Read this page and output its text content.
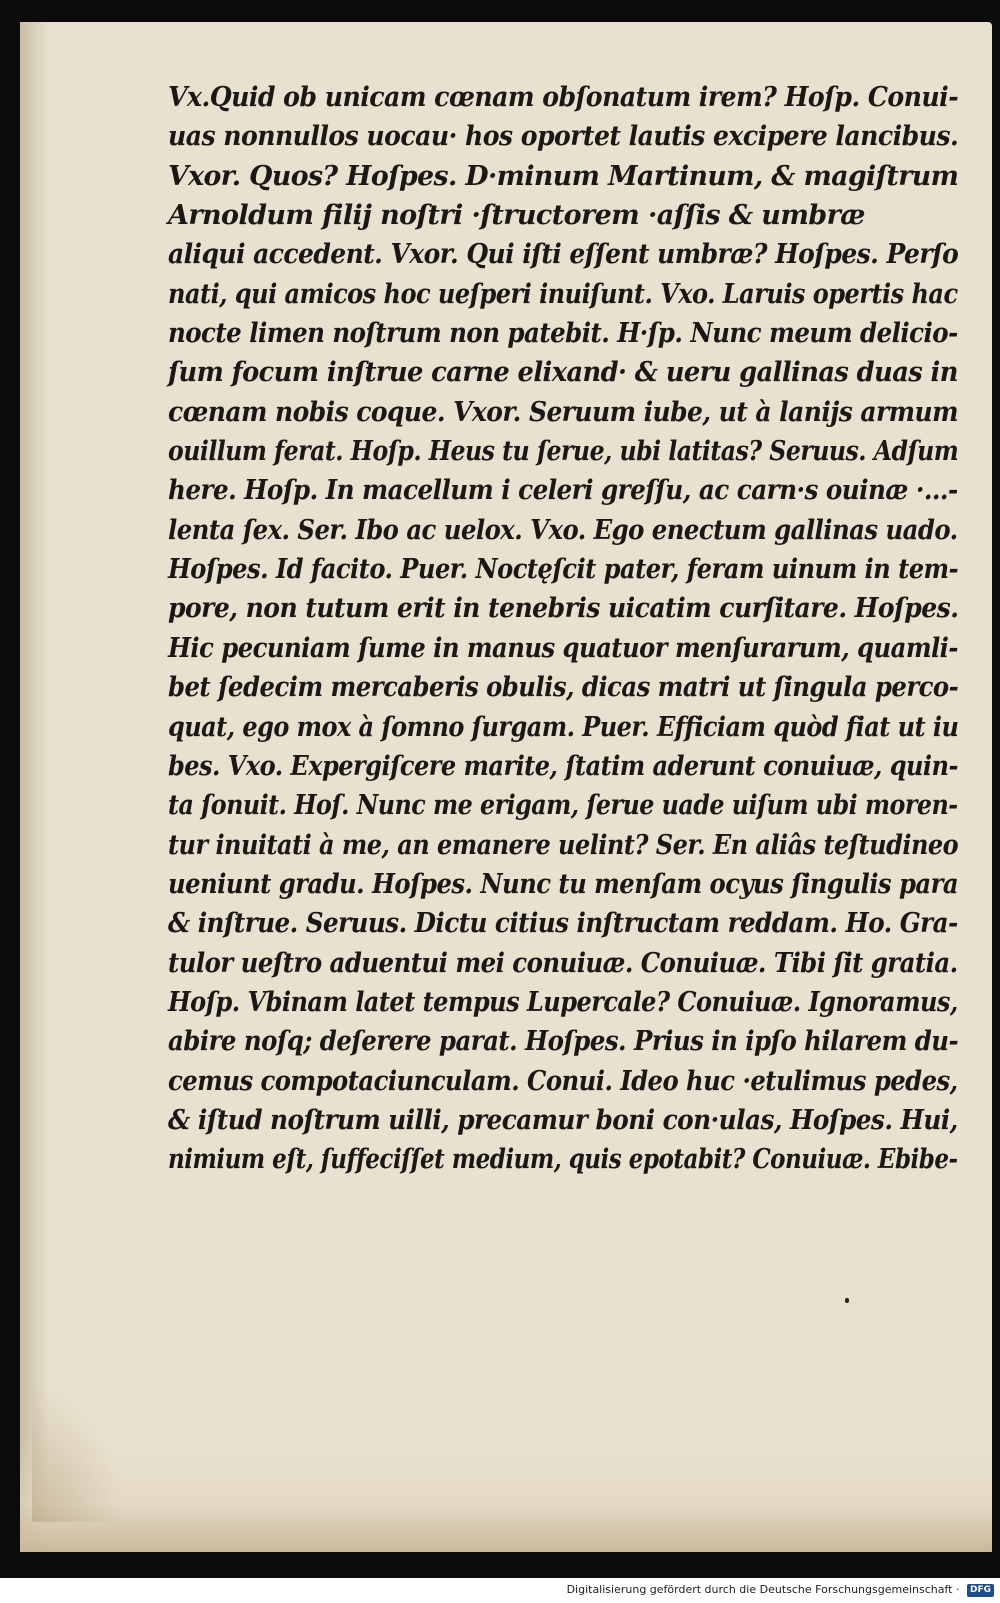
Vx.Quid ob unicam cœnam obſonatum irem? Hoſp. Conui-
uas nonnullos uocau· hos oportet lautis excipere lancibus.
Vxor. Quos? Hoſpes. D·minum Martinum, & magiſtrum
Arnoldum filij noſtri ·ſtructorem ·aſſis & umbræ
aliqui accedent. Vxor. Qui iſti eſſent umbræ? Hoſpes. Perſo
nati, qui amicos hoc ueſperi inuiſunt. Vxo. Laruis opertis hac
nocte limen noſtrum non patebit. H·ſp. Nunc meum delicio-
ſum focum inſtrue carne elixand· & ueru gallinas duas in
cœnam nobis coque. Vxor. Seruum iube, ut à lanijs armum
ouillum ferat. Hoſp. Heus tu ſerue, ubi latitas? Seruus. Adſum
here. Hoſp. In macellum i celeri greſſu, ac carn·s ouinæ ·...-
lenta ſex. Ser. Ibo ac uelox. Vxo. Ego enectum gallinas uado.
Hoſpes. Id facito. Puer. Noctęſcit pater, feram uinum in tem-
pore, non tutum erit in tenebris uicatim curſitare. Hoſpes.
Hic pecuniam ſume in manus quatuor menſurarum, quamli-
bet ſedecim mercaberis obulis, dicas matri ut ſingula perco-
quat, ego mox à ſomno ſurgam. Puer. Efficiam quòd fiat ut iu
bes. Vxo. Expergiſcere marite, ſtatim aderunt conuiuæ, quin-
ta ſonuit. Hoſ. Nunc me erigam, ſerue uade uiſum ubi moren-
tur inuitati à me, an emanere uelint? Ser. En aliâs teſtudineo
ueniunt gradu. Hoſpes. Nunc tu menſam ocyus ſingulis para
& inſtrue. Seruus. Dictu citius inſtructam reddam. Ho. Gra-
tulor ueſtro aduentui mei conuiuæ. Conuiuæ. Tibi ſit gratia.
Hoſp. Vbinam latet tempus Lupercale? Conuiuæ. Ignoramus,
abire noſq; deſerere parat. Hoſpes. Prius in ipſo hilarem du-
cemus compotaciunculam. Conui. Ideo huc ·etulimus pedes,
& iſtud noſtrum uilli, precamur boni con·ulas, Hoſpes. Hui,
nimium eſt, ſuffeciſſet medium, quis epotabit? Conuiuæ. Ebibe-
Digitalisierung gefördert durch die Deutsche Forschungsgemeinschaft · DFG
